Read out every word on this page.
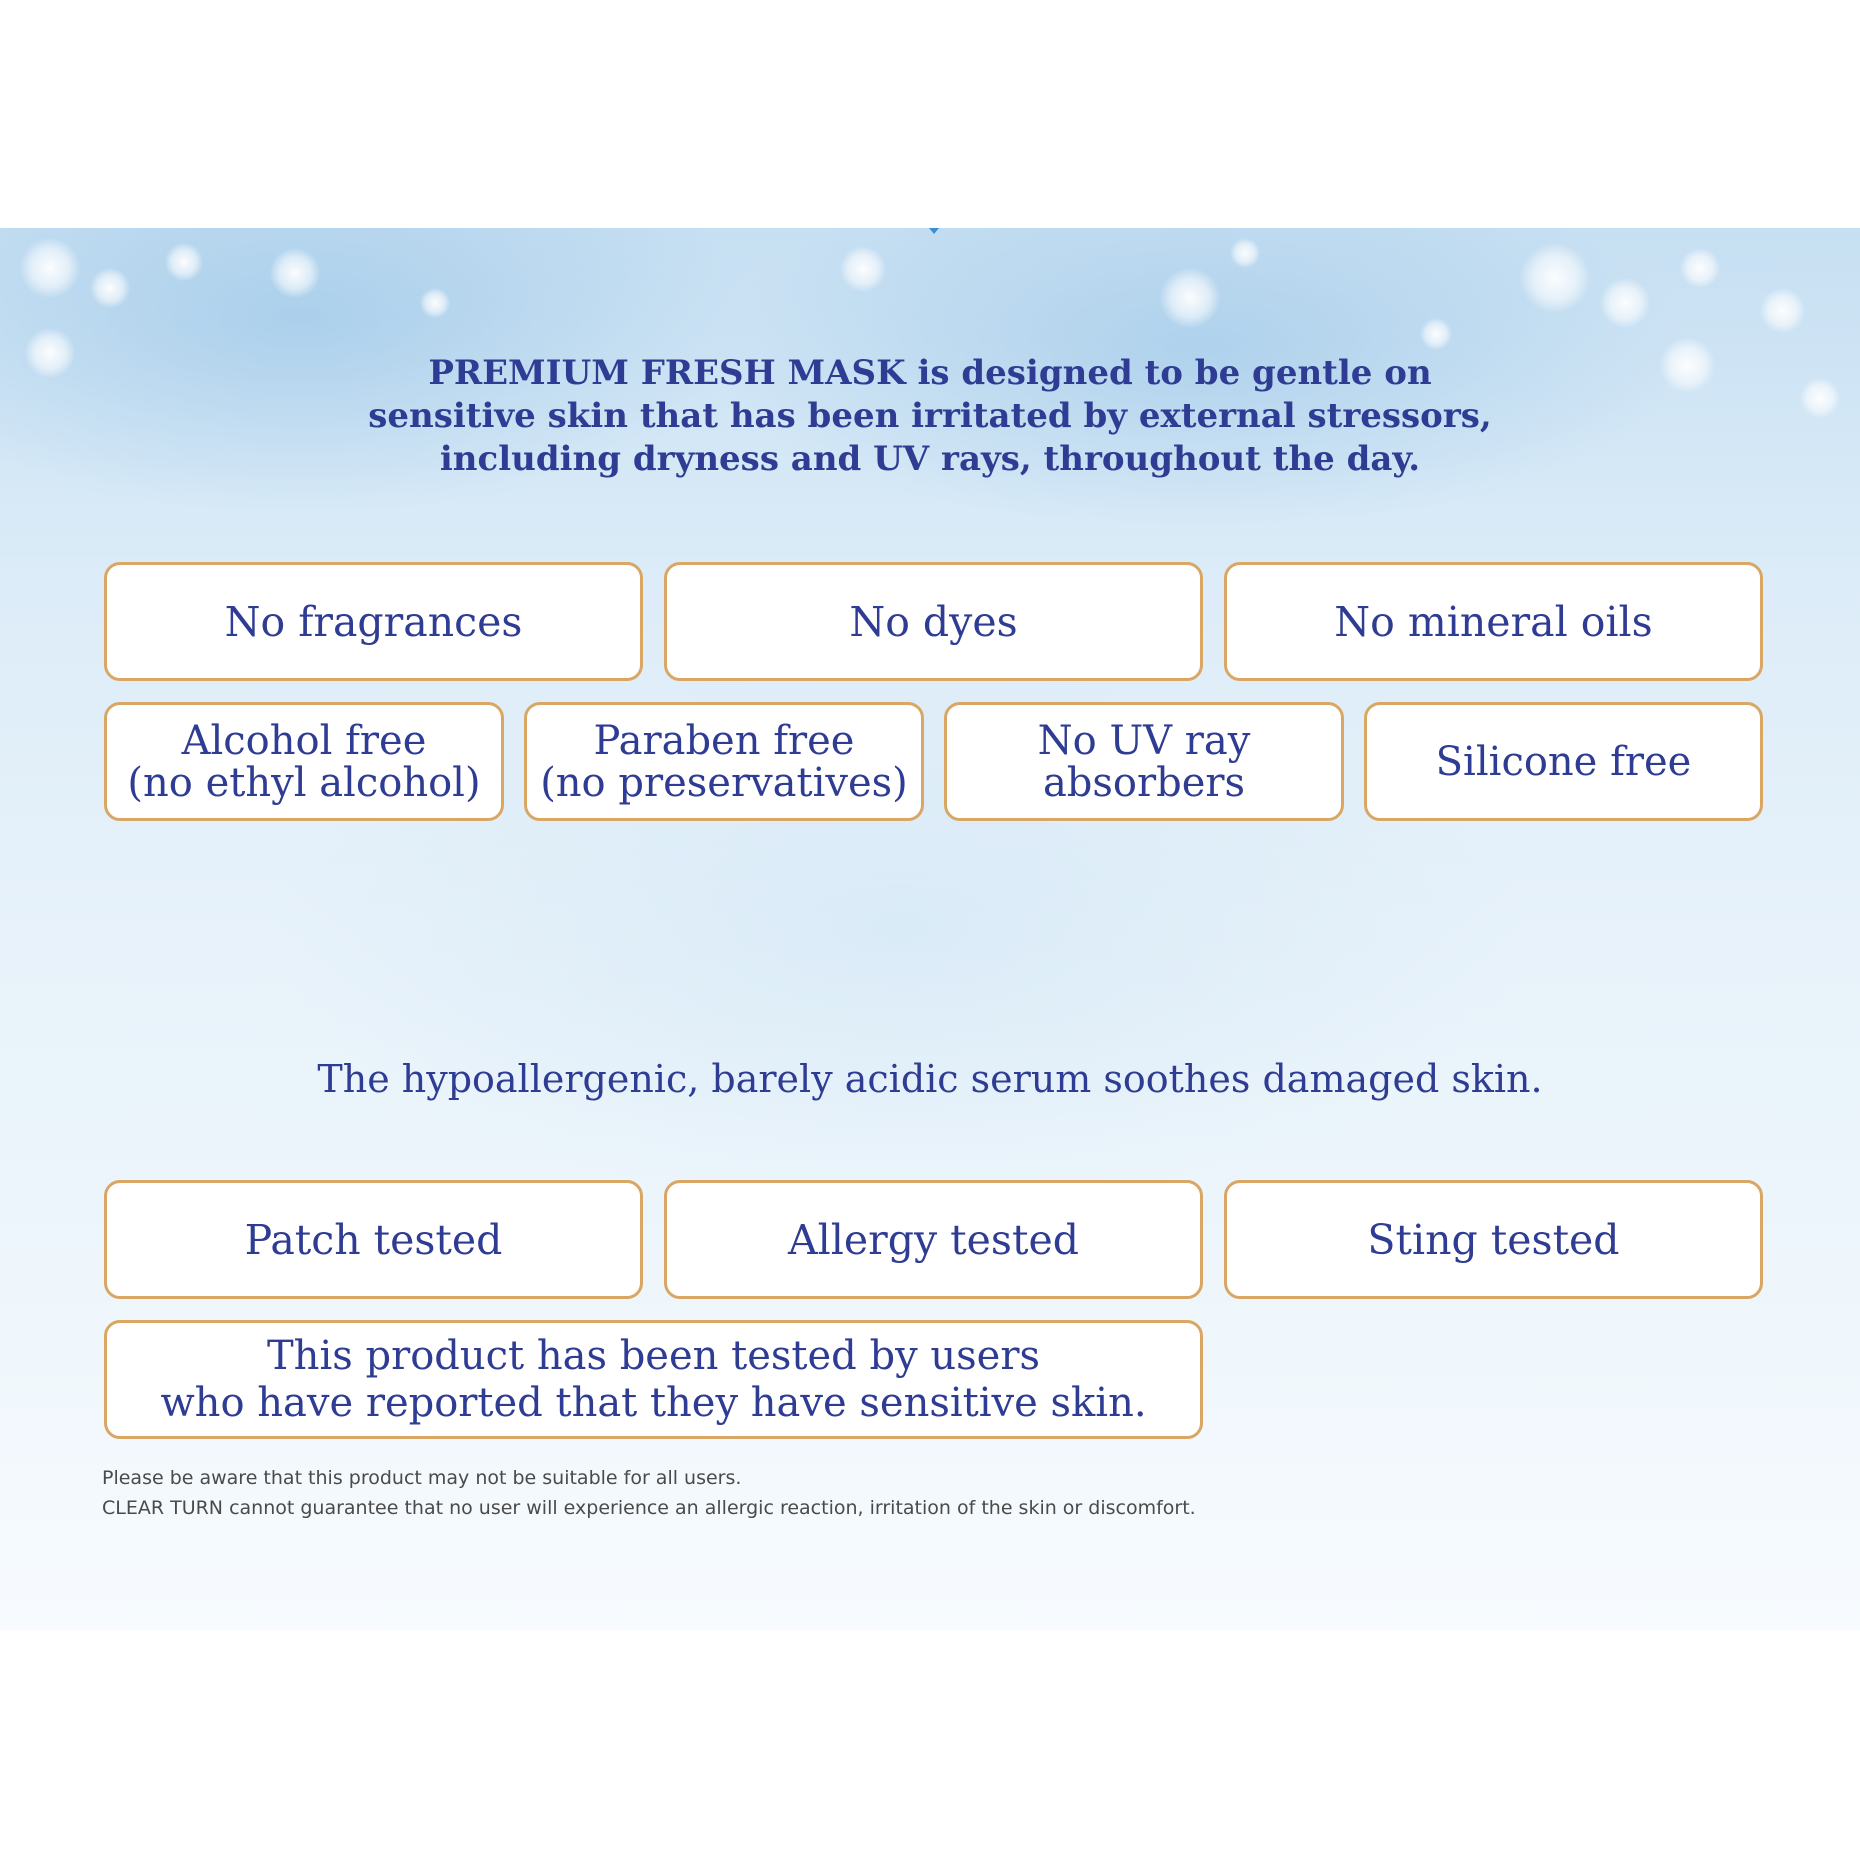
PREMIUM FRESH MASK is designed to be gentle on
sensitive skin that has been irritated by external stressors,
including dryness and UV rays, throughout the day.
No fragrances	No dyes	No mineral oils
Alcohol free
(no ethyl alcohol)
Paraben free
(no preservatives)
No UV ray
absorbers	Silicone free
The hypoallergenic, barely acidic serum soothes damaged skin.
Patch tested	Allergy tested	Sting tested
This product has been tested by users
who have reported that they have sensitive skin.
Please be aware that this product may not be suitable for all users.
CLEAR TURN cannot guarantee that no user will experience an allergic reaction, irritation of the skin or discomfort.
